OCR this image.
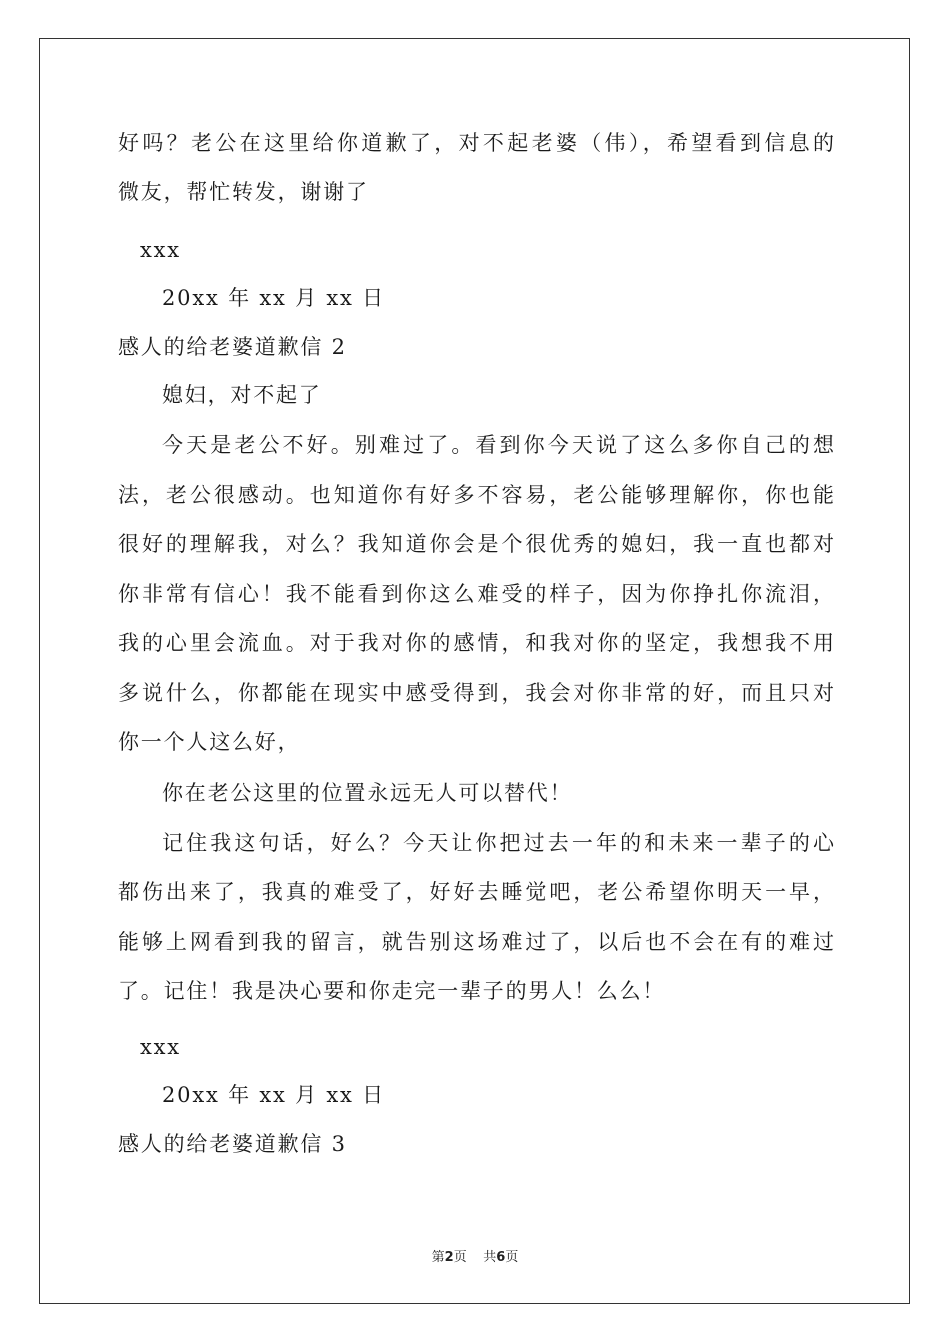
好吗？老公在这里给你道歉了，对不起老婆（伟），希望看到信息的
微友，帮忙转发，谢谢了
xxx
20xx 年 xx 月 xx 日
感人的给老婆道歉信 2
媳妇，对不起了
今天是老公不好。别难过了。看到你今天说了这么多你自己的想
法，老公很感动。也知道你有好多不容易，老公能够理解你，你也能
很好的理解我，对么？我知道你会是个很优秀的媳妇，我一直也都对
你非常有信心！我不能看到你这么难受的样子，因为你挣扎你流泪，
我的心里会流血。对于我对你的感情，和我对你的坚定，我想我不用
多说什么，你都能在现实中感受得到，我会对你非常的好，而且只对
你一个人这么好，
你在老公这里的位置永远无人可以替代！
记住我这句话，好么？今天让你把过去一年的和未来一辈子的心
都伤出来了，我真的难受了，好好去睡觉吧，老公希望你明天一早，
能够上网看到我的留言，就告别这场难过了，以后也不会在有的难过
了。记住！我是决心要和你走完一辈子的男人！么么！
xxx
20xx 年 xx 月 xx 日
感人的给老婆道歉信 3
第2页 共6页
